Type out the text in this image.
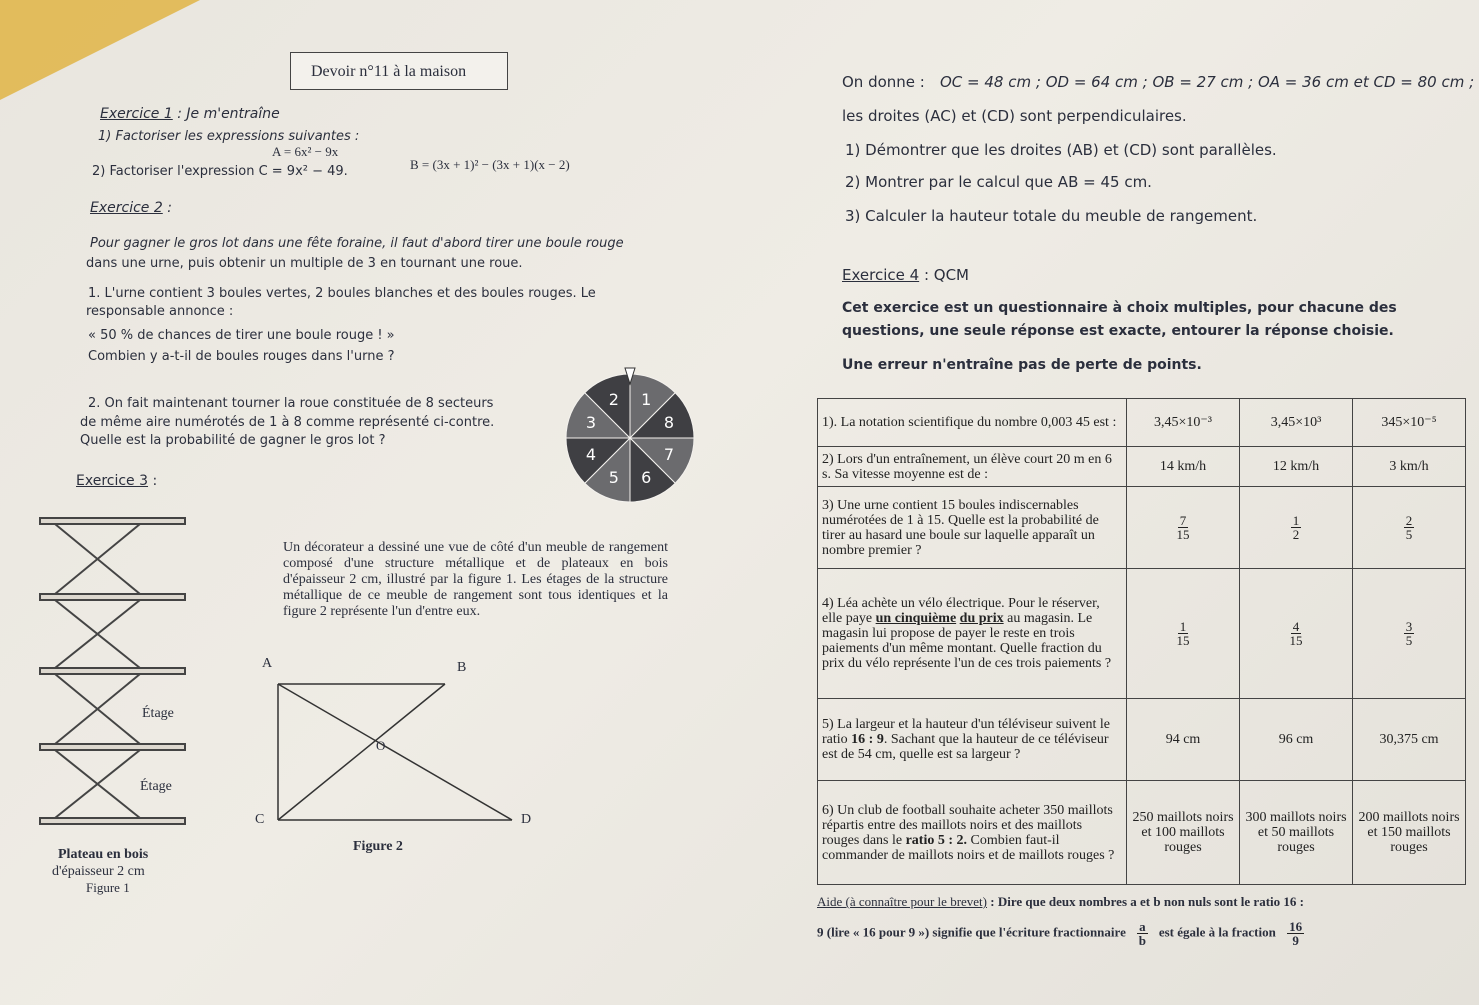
Devoir n°11 à la maison
On donne : OC = 48 cm ; OD = 64 cm ; OB = 27 cm ; OA = 36 cm et CD = 80 cm ;
les droites (AC) et (CD) sont perpendiculaires.
1) Démontrer que les droites (AB) et (CD) sont parallèles.
2) Montrer par le calcul que AB = 45 cm.
3) Calculer la hauteur totale du meuble de rangement.
Exercice 1 : Je m'entraîne
1) Factoriser les expressions suivantes :
A = 6x² − 9x
B = (3x + 1)² − (3x + 1)(x − 2)
2) Factoriser l'expression C = 9x² − 49.
Exercice 2 :
Pour gagner le gros lot dans une fête foraine, il faut d'abord tirer une boule rouge
dans une urne, puis obtenir un multiple de 3 en tournant une roue.
1. L'urne contient 3 boules vertes, 2 boules blanches et des boules rouges. Le
responsable annonce :
« 50 % de chances de tirer une boule rouge ! »
Combien y a-t-il de boules rouges dans l'urne ?
2. On fait maintenant tourner la roue constituée de 8 secteurs
de même aire numérotés de 1 à 8 comme représenté ci-contre.
Quelle est la probabilité de gagner le gros lot ?
1
8
7
6
5
4
3
2
Exercice 3 :
Un décorateur a dessiné une vue de côté d'un meuble de rangement composé d'une structure métallique et de plateaux en bois d'épaisseur 2 cm, illustré par la figure 1. Les étages de la structure métallique de ce meuble de rangement sont tous identiques et la figure 2 représente l'un d'entre eux.
Étage
Étage
Plateau en bois
d'épaisseur 2 cm
Figure 1
A	B
C	D
O
Figure 2
Exercice 4 : QCM
Cet exercice est un questionnaire à choix multiples, pour chacune des
questions, une seule réponse est exacte, entourer la réponse choisie.
Une erreur n'entraîne pas de perte de points.
1). La notation scientifique du nombre 0,003 45 est :	3,45×10⁻³	3,45×10³	345×10⁻⁵
2) Lors d'un entraînement, un élève court 20 m en 6 s. Sa vitesse moyenne est de :	14 km/h	12 km/h	3 km/h
3) Une urne contient 15 boules indiscernables numérotées de 1 à 15. Quelle est la probabilité de tirer au hasard une boule sur laquelle apparaît un nombre premier ?	$\frac{7}{15}$	$\frac{1}{2}$	$\frac{2}{5}$

4) Léa achète un vélo électrique. Pour le réserver, elle paye un cinquième du prix au magasin. Le magasin lui propose de payer le reste en trois paiements d'un même montant. Quelle fraction du prix du vélo représente l'un de ces trois paiements ?	$\frac{1}{15}$	$\frac{4}{15}$	$\frac{3}{5}$

5) La largeur et la hauteur d'un téléviseur suivent le ratio 16 : 9. Sachant que la hauteur de ce téléviseur est de 54 cm, quelle est sa largeur ?	94 cm	96 cm	30,375 cm
6) Un club de football souhaite acheter 350 maillots répartis entre des maillots noirs et des maillots rouges dans le ratio 5 : 2. Combien faut-il commander de maillots noirs et de maillots rouges ?	250 maillots noirs et 100 maillots rouges	300 maillots noirs et 50 maillots rouges	200 maillots noirs et 150 maillots rouges
Aide (à connaître pour le brevet) : Dire que deux nombres a et b non nuls sont le ratio 16 :
9 (lire « 16 pour 9 ») signifie que l'écriture fractionnaire $\frac{a}{b}$ est égale à la fraction $\frac{16}{9}$
